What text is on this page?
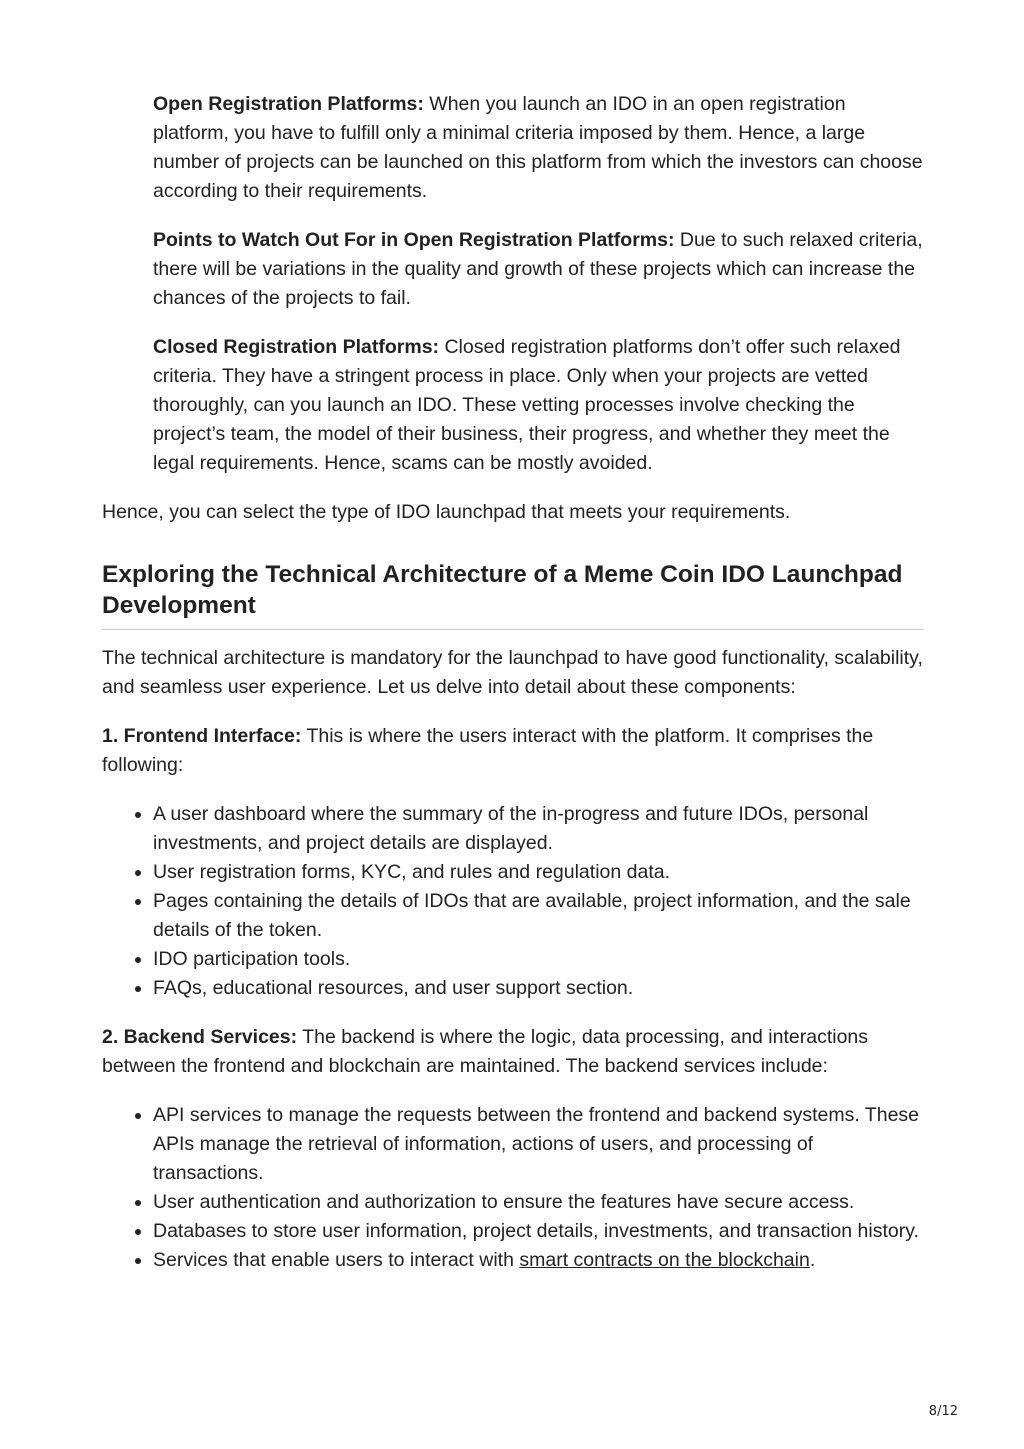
Open Registration Platforms: When you launch an IDO in an open registration platform, you have to fulfill only a minimal criteria imposed by them. Hence, a large number of projects can be launched on this platform from which the investors can choose according to their requirements.

Points to Watch Out For in Open Registration Platforms: Due to such relaxed criteria, there will be variations in the quality and growth of these projects which can increase the chances of the projects to fail.

Closed Registration Platforms: Closed registration platforms don’t offer such relaxed criteria. They have a stringent process in place. Only when your projects are vetted thoroughly, can you launch an IDO. These vetting processes involve checking the project’s team, the model of their business, their progress, and whether they meet the legal requirements. Hence, scams can be mostly avoided.

Hence, you can select the type of IDO launchpad that meets your requirements.

Exploring the Technical Architecture of a Meme Coin IDO Launchpad Development

The technical architecture is mandatory for the launchpad to have good functionality, scalability, and seamless user experience. Let us delve into detail about these components:

1. Frontend Interface: This is where the users interact with the platform. It comprises the following:

• A user dashboard where the summary of the in-progress and future IDOs, personal investments, and project details are displayed.
• User registration forms, KYC, and rules and regulation data.
• Pages containing the details of IDOs that are available, project information, and the sale details of the token.
• IDO participation tools.
• FAQs, educational resources, and user support section.

2. Backend Services: The backend is where the logic, data processing, and interactions between the frontend and blockchain are maintained. The backend services include:

• API services to manage the requests between the frontend and backend systems. These APIs manage the retrieval of information, actions of users, and processing of transactions.
• User authentication and authorization to ensure the features have secure access.
• Databases to store user information, project details, investments, and transaction history.
• Services that enable users to interact with smart contracts on the blockchain.
8/12
